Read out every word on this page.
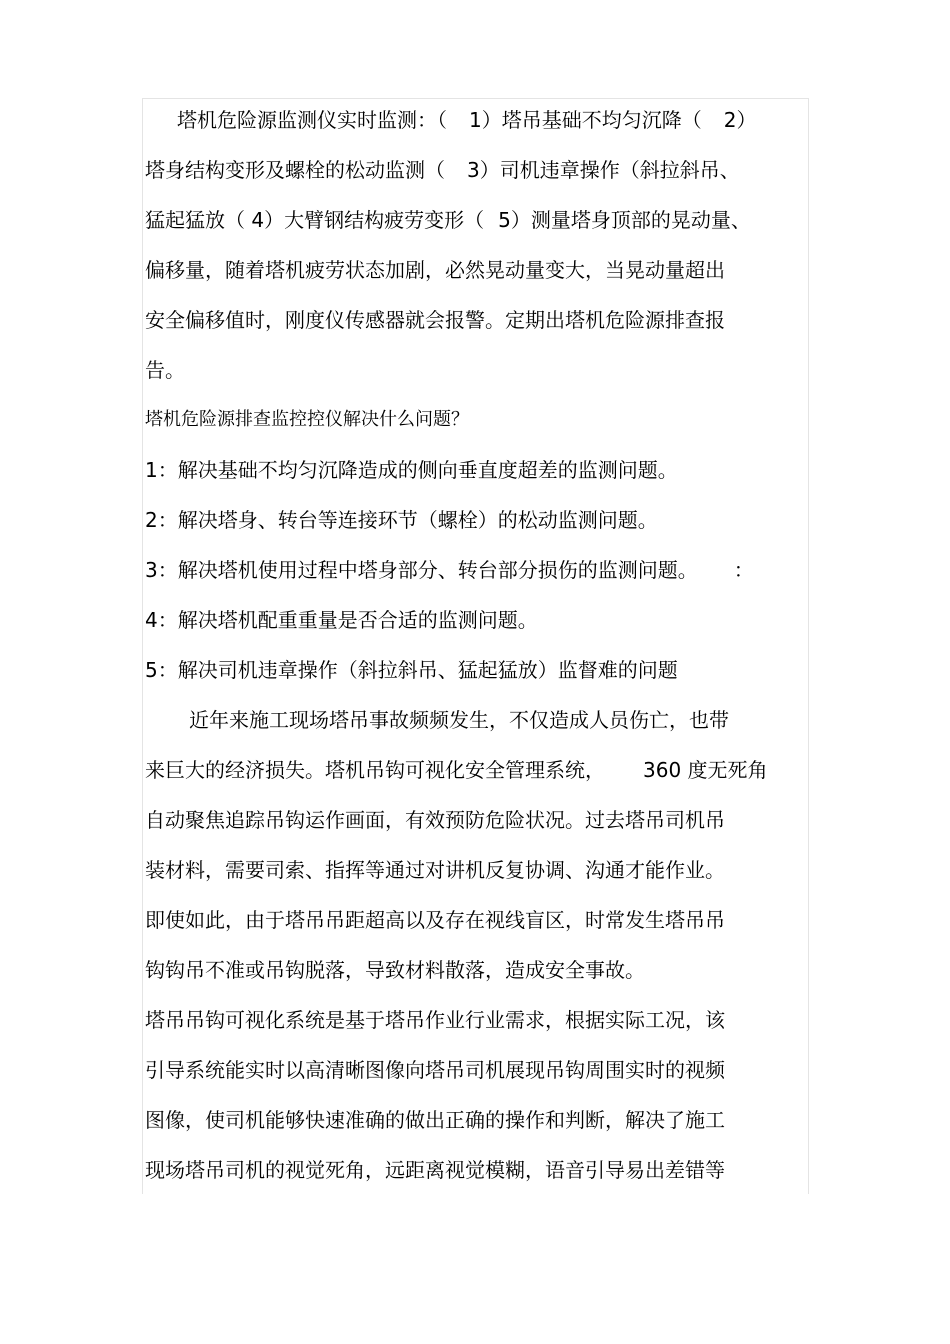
塔机危险源监测仪实时监测：（ 1）塔吊基础不均匀沉降（ 2）
塔身结构变形及螺栓的松动监测（ 3）司机违章操作（斜拉斜吊、
猛起猛放（ 4）大臂钢结构疲劳变形（ 5）测量塔身顶部的晃动量、
偏移量，随着塔机疲劳状态加剧，必然晃动量变大，当晃动量超出
安全偏移值时，刚度仪传感器就会报警。定期出塔机危险源排查报
告。
塔机危险源排查监控控仪解决什么问题？
1：解决基础不均匀沉降造成的侧向垂直度超差的监测问题。
2：解决塔身、转台等连接环节（螺栓）的松动监测问题。
3：解决塔机使用过程中塔身部分、转台部分损伤的监测问题。 ：
4：解决塔机配重重量是否合适的监测问题。
5：解决司机违章操作（斜拉斜吊、猛起猛放）监督难的问题
近年来施工现场塔吊事故频频发生，不仅造成人员伤亡，也带
来巨大的经济损失。塔机吊钩可视化安全管理系统， 360 度无死角
自动聚焦追踪吊钩运作画面，有效预防危险状况。过去塔吊司机吊
装材料，需要司索、指挥等通过对讲机反复协调、沟通才能作业。
即使如此，由于塔吊吊距超高以及存在视线盲区，时常发生塔吊吊
钩钩吊不准或吊钩脱落，导致材料散落，造成安全事故。
塔吊吊钩可视化系统是基于塔吊作业行业需求，根据实际工况，该
引导系统能实时以高清晰图像向塔吊司机展现吊钩周围实时的视频
图像，使司机能够快速准确的做出正确的操作和判断，解决了施工
现场塔吊司机的视觉死角，远距离视觉模糊，语音引导易出差错等
